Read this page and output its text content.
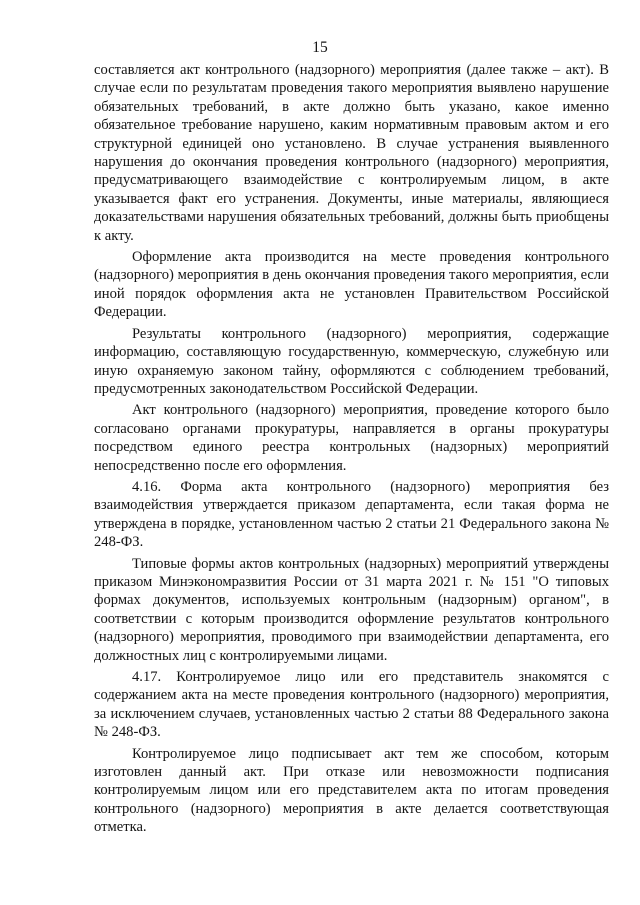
15

составляется акт контрольного (надзорного) мероприятия (далее также – акт). В случае если по результатам проведения такого мероприятия выявлено нарушение обязательных требований, в акте должно быть указано, какое именно обязательное требование нарушено, каким нормативным правовым актом и его структурной единицей оно установлено. В случае устранения выявленного нарушения до окончания проведения контрольного (надзорного) мероприятия, предусматривающего взаимодействие с контролируемым лицом, в акте указывается факт его устранения. Документы, иные материалы, являющиеся доказательствами нарушения обязательных требований, должны быть приобщены к акту.

Оформление акта производится на месте проведения контрольного (надзорного) мероприятия в день окончания проведения такого мероприятия, если иной порядок оформления акта не установлен Правительством Российской Федерации.

Результаты контрольного (надзорного) мероприятия, содержащие информацию, составляющую государственную, коммерческую, служебную или иную охраняемую законом тайну, оформляются с соблюдением требований, предусмотренных законодательством Российской Федерации.

Акт контрольного (надзорного) мероприятия, проведение которого было согласовано органами прокуратуры, направляется в органы прокуратуры посредством единого реестра контрольных (надзорных) мероприятий непосредственно после его оформления.

4.16. Форма акта контрольного (надзорного) мероприятия без взаимодействия утверждается приказом департамента, если такая форма не утверждена в порядке, установленном частью 2 статьи 21 Федерального закона № 248-ФЗ.

Типовые формы актов контрольных (надзорных) мероприятий утверждены приказом Минэкономразвития России от 31 марта 2021 г. № 151 "О типовых формах документов, используемых контрольным (надзорным) органом", в соответствии с которым производится оформление результатов контрольного (надзорного) мероприятия, проводимого при взаимодействии департамента, его должностных лиц с контролируемыми лицами.

4.17. Контролируемое лицо или его представитель знакомятся с содержанием акта на месте проведения контрольного (надзорного) мероприятия, за исключением случаев, установленных частью 2 статьи 88 Федерального закона № 248-ФЗ.

Контролируемое лицо подписывает акт тем же способом, которым изготовлен данный акт. При отказе или невозможности подписания контролируемым лицом или его представителем акта по итогам проведения контрольного (надзорного) мероприятия в акте делается соответствующая отметка.
